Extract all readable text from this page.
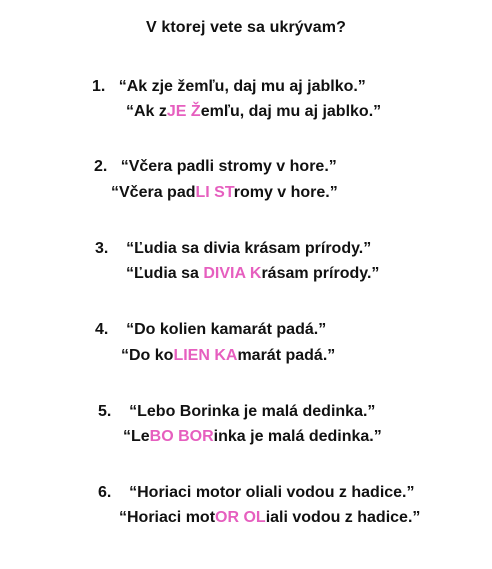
V ktorej vete sa ukrývam?
1. “Ak zje žemľu, daj mu aj jablko.”
“Ak zJE Žemľu, daj mu aj jablko.”
2. “Včera padli stromy v hore.”
“Včera padLI STromy v hore.”
3. “Ľudia sa divia krásam prírody.”
“Ľudia sa DIVIA Krásam prírody.”
4. “Do kolien kamarát padá.”
“Do koLIEN KAmarát padá.”
5. “Lebo Borinka je malá dedinka.”
“LeBO BORinka je malá dedinka.”
6. “Horiaci motor oliali vodou z hadice.”
“Horiaci motOR OLiali vodou z hadice.”
